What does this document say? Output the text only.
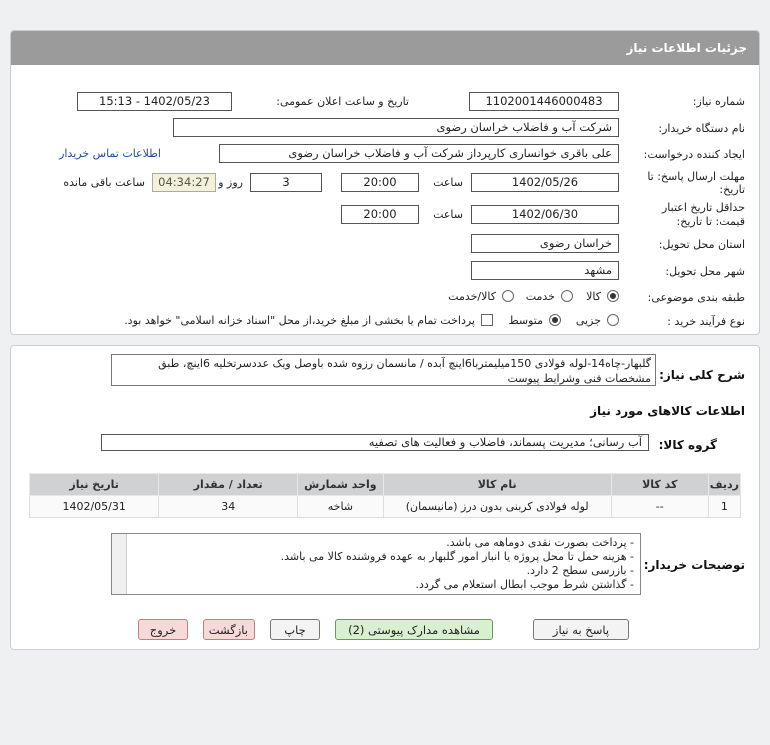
جزئیات اطلاعات نیاز
شماره نیاز:
1102001446000483
تاریخ و ساعت اعلان عمومی:
1402/05/23 - 15:13
نام دستگاه خریدار:
شرکت آب و فاضلاب خراسان رضوی
ایجاد کننده درخواست:
علی باقری خوانساری کارپرداز شرکت آب و فاضلاب خراسان رضوی
اطلاعات تماس خریدار
مهلت ارسال پاسخ: تا
تاریخ:
1402/05/26
ساعت
20:00
3
روز و
04:34:27
ساعت باقی مانده
حداقل تاریخ اعتبار
قیمت: تا تاریخ:
1402/06/30
ساعت
20:00
استان محل تحویل:
خراسان رضوی
شهر محل تحویل:
مشهد
طبقه بندی موضوعی:
کالا
خدمت
کالا/خدمت
نوع فرآیند خرید :
جزیی
متوسط
پرداخت تمام یا بخشی از مبلغ خرید،از محل "اسناد خزانه اسلامی" خواهد بود.
شرح کلی نیاز:
گلبهار-چاه14-لوله فولادی 150میلیمتربا6اینچ آبده / مانسمان رزوه شده باوصل ویک عددسرتخلیه 6اینچ، طبق مشخصات فنی وشرایط پیوست
اطلاعات کالاهای مورد نیاز
گروه کالا:
آب رسانی؛ مدیریت پسماند، فاضلاب و فعالیت های تصفیه
ردیف	کد کالا	نام کالا	واحد شمارش	تعداد / مقدار	تاریخ نیاز
1	--	لوله فولادی کربنی بدون درز (مانیسمان)	شاخه	34	1402/05/31
توضیحات خریدار:
- پرداخت بصورت نقدی دوماهه می باشد.
- هزینه حمل تا محل پروژه یا انبار امور گلبهار به عهده فروشنده کالا می باشد.
- بازرسی سطح 2 دارد.
- گذاشتن شرط موجب ابطال استعلام می گردد.
پاسخ به نیاز
مشاهده مدارک پیوستی (2)
چاپ
بازگشت
خروج
